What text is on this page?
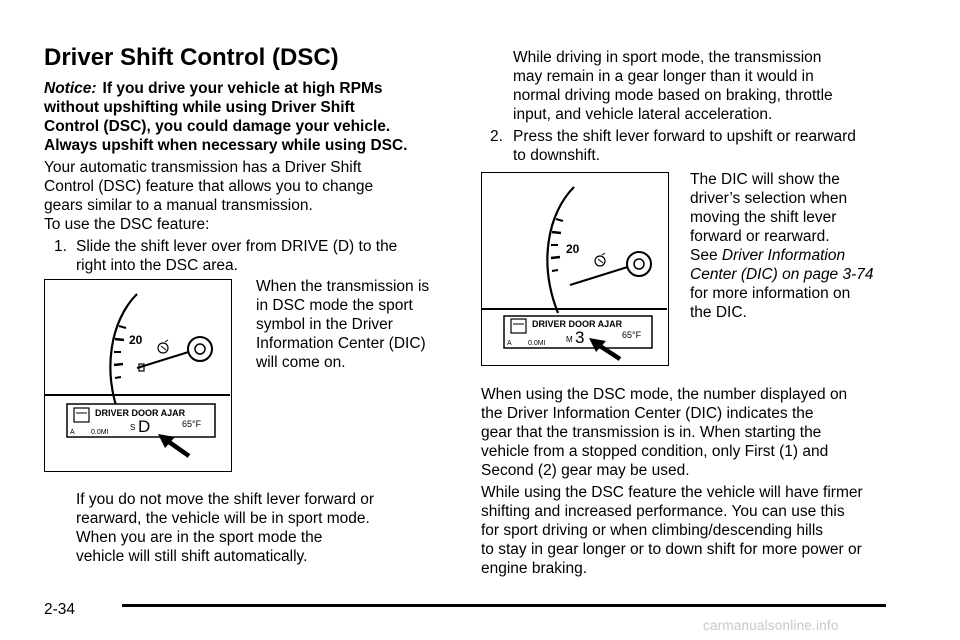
Driver Shift Control (DSC)
Notice: If you drive your vehicle at high RPMs
without upshifting while using Driver Shift
Control (DSC), you could damage your vehicle.
Always upshift when necessary while using DSC.
Your automatic transmission has a Driver Shift
Control (DSC) feature that allows you to change
gears similar to a manual transmission.
To use the DSC feature:
1. Slide the shift lever over from DRIVE (D) to the
right into the DSC area.
When the transmission is
in DSC mode the sport
symbol in the Driver
Information Center (DIC)
will come on.
20
DRIVER DOOR AJAR
A 0.0MI
S D	65°F
If you do not move the shift lever forward or
rearward, the vehicle will be in sport mode.
When you are in the sport mode the
vehicle will still shift automatically.
While driving in sport mode, the transmission
may remain in a gear longer than it would in
normal driving mode based on braking, throttle
input, and vehicle lateral acceleration.
2. Press the shift lever forward to upshift or rearward
to downshift.
The DIC will show the
driver’s selection when
moving the shift lever
forward or rearward.
See Driver Information
Center (DIC) on page 3-74
for more information on
the DIC.
20
DRIVER DOOR AJAR
A 0.0MI	M 3	65°F
When using the DSC mode, the number displayed on
the Driver Information Center (DIC) indicates the
gear that the transmission is in. When starting the
vehicle from a stopped condition, only First (1) and
Second (2) gear may be used.
While using the DSC feature the vehicle will have firmer
shifting and increased performance. You can use this
for sport driving or when climbing/descending hills
to stay in gear longer or to down shift for more power or
engine braking.
2-34
carmanualsonline.info
